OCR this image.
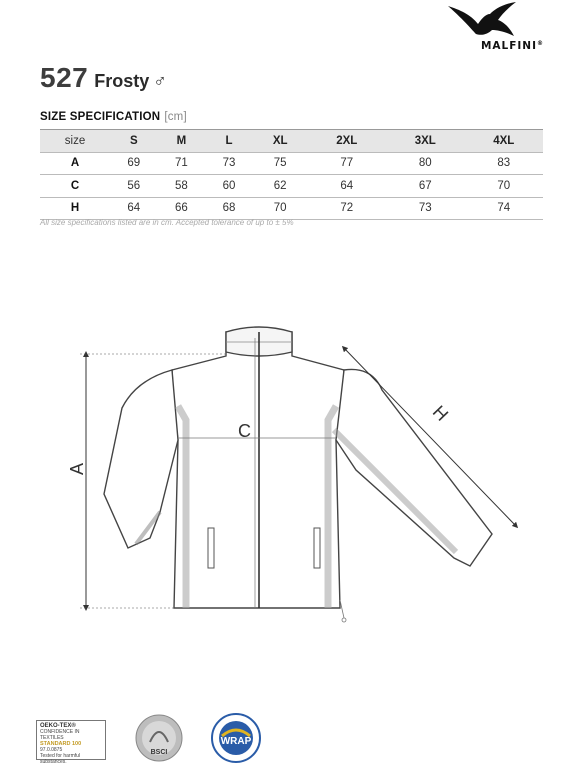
MALFINI®
527 Frosty ♂
SIZE SPECIFICATION [cm]
size	S	M	L	XL	2XL	3XL	4XL
A	69	71	73	75	77	80	83
C	56	58	60	62	64	67	70
H	64	66	68	70	72	73	74
All size specifications listed are in cm. Accepted tolerance of up to ± 5%
A
C
H
OEKO-TEX®
CONFIDENCE IN TEXTILES
STANDARD 100
97.0.0875
Tested for harmful substances.
BSCI
WRAP
